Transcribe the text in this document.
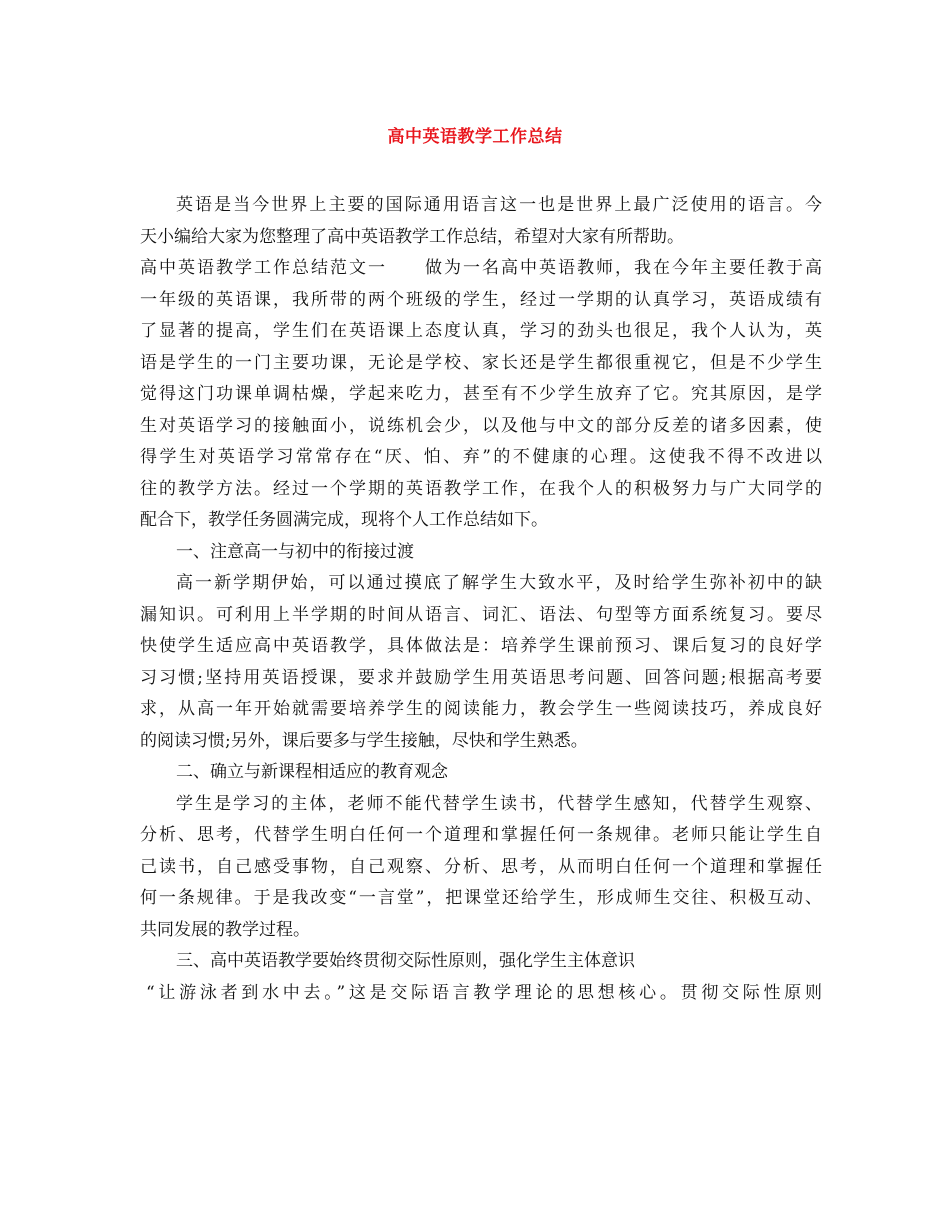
高中英语教学工作总结
英语是当今世界上主要的国际通用语言这一也是世界上最广泛使用的语言。今
天小编给大家为您整理了高中英语教学工作总结，希望对大家有所帮助。
高中英语教学工作总结范文一　　做为一名高中英语教师，我在今年主要任教于高
一年级的英语课，我所带的两个班级的学生，经过一学期的认真学习，英语成绩有
了显著的提高，学生们在英语课上态度认真，学习的劲头也很足，我个人认为，英
语是学生的一门主要功课，无论是学校、家长还是学生都很重视它，但是不少学生
觉得这门功课单调枯燥，学起来吃力，甚至有不少学生放弃了它。究其原因，是学
生对英语学习的接触面小，说练机会少，以及他与中文的部分反差的诸多因素，使
得学生对英语学习常常存在“厌、怕、弃”的不健康的心理。这使我不得不改进以
往的教学方法。经过一个学期的英语教学工作，在我个人的积极努力与广大同学的
配合下，教学任务圆满完成，现将个人工作总结如下。
一、注意高一与初中的衔接过渡
高一新学期伊始，可以通过摸底了解学生大致水平，及时给学生弥补初中的缺
漏知识。可利用上半学期的时间从语言、词汇、语法、句型等方面系统复习。要尽
快使学生适应高中英语教学，具体做法是：培养学生课前预习、课后复习的良好学
习习惯;坚持用英语授课，要求并鼓励学生用英语思考问题、回答问题;根据高考要
求，从高一年开始就需要培养学生的阅读能力，教会学生一些阅读技巧，养成良好
的阅读习惯;另外，课后要多与学生接触，尽快和学生熟悉。
二、确立与新课程相适应的教育观念
学生是学习的主体，老师不能代替学生读书，代替学生感知，代替学生观察、
分析、思考，代替学生明白任何一个道理和掌握任何一条规律。老师只能让学生自
己读书，自己感受事物，自己观察、分析、思考，从而明白任何一个道理和掌握任
何一条规律。于是我改变“一言堂”，把课堂还给学生，形成师生交往、积极互动、
共同发展的教学过程。
三、高中英语教学要始终贯彻交际性原则，强化学生主体意识
“让游泳者到水中去。”这是交际语言教学理论的思想核心。贯彻交际性原则
